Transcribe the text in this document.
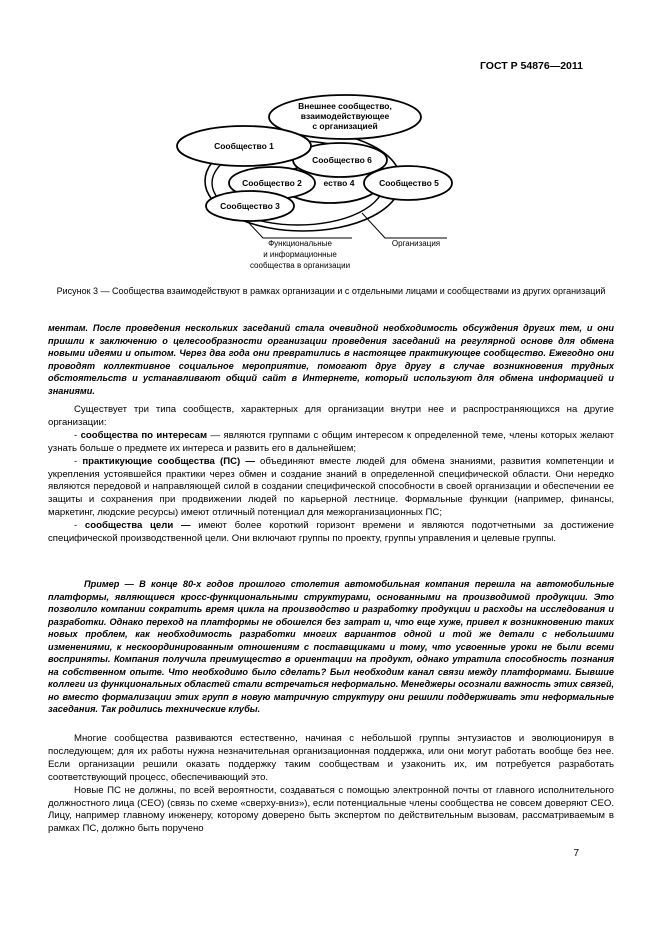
ГОСТ Р 54876—2011
Внешнее сообщество,
взаимодействующее
с организацией
Сообщество 1
Сообщество 6
ество 4
Сообщество 2	Сообщество 5
Сообщество 3
Функциональные
и информационные
сообщества в организации
Организация
Рисунок 3 — Сообщества взаимодействуют в рамках организации и с отдельными лицами и сообществами из других организаций
ментам. После проведения нескольких заседаний стала очевидной необходимость обсуждения других тем, и они пришли к заключению о целесообразности организации проведения заседаний на регулярной основе для обмена новыми идеями и опытом. Через два года они превратились в настоящее практикующее сообщество. Ежегодно они проводят коллективное социальное мероприятие, помогают друг другу в случае возникновения трудных обстоятельств и устанавливают общий сайт в Интернете, который используют для обмена информацией и знаниями.

Существует три типа сообществ, характерных для организации внутри нее и распространяющихся на другие организации:

- сообщества по интересам — являются группами с общим интересом к определенной теме, члены которых желают узнать больше о предмете их интереса и развить его в дальнейшем;

- практикующие сообщества (ПС) — объединяют вместе людей для обмена знаниями, развития компетенции и укрепления устоявшейся практики через обмен и создание знаний в определенной специфической области. Они нередко являются передовой и направляющей силой в создании специфической способности в своей организации и обеспечении ее защиты и сохранения при продвижении людей по карьерной лестнице. Формальные функции (например, финансы, маркетинг, людские ресурсы) имеют отличный потенциал для межорганизационных ПС;

- сообщества цели — имеют более короткий горизонт времени и являются подотчетными за достижение специфической производственной цели. Они включают группы по проекту, группы управления и целевые группы.

Пример — В конце 80-х годов прошлого столетия автомобильная компания перешла на автомобильные платформы, являющиеся кросс-функциональными структурами, основанными на производимой продукции. Это позволило компании сократить время цикла на производство и разработку продукции и расходы на исследования и разработки. Однако переход на платформы не обошелся без затрат и, что еще хуже, привел к возникновению таких новых проблем, как необходимость разработки многих вариантов одной и той же детали с небольшими изменениями, к нескоординированным отношениям с поставщиками и тому, что усвоенные уроки не были всеми восприняты. Компания получила преимущество в ориентации на продукт, однако утратила способность познания на собственном опыте. Что необходимо было сделать? Был необходим канал связи между платформами. Бывшие коллеги из функциональных областей стали встречаться неформально. Менеджеры осознали важность этих связей, но вместо формализации этих групп в новую матричную структуру они решили поддерживать эти неформальные заседания. Так родились технические клубы.

Многие сообщества развиваются естественно, начиная с небольшой группы энтузиастов и эволюционируя в последующем; для их работы нужна незначительная организационная поддержка, или они могут работать вообще без нее. Если организации решили оказать поддержку таким сообществам и узаконить их, им потребуется разработать соответствующий процесс, обеспечивающий это.

Новые ПС не должны, по всей вероятности, создаваться с помощью электронной почты от главного исполнительного должностного лица (CEO) (связь по схеме «сверху-вниз»), если потенциальные члены сообщества не совсем доверяют CEO. Лицу, например главному инженеру, которому доверено быть экспертом по действительным вызовам, рассматриваемым в рамках ПС, должно быть поручено

7
